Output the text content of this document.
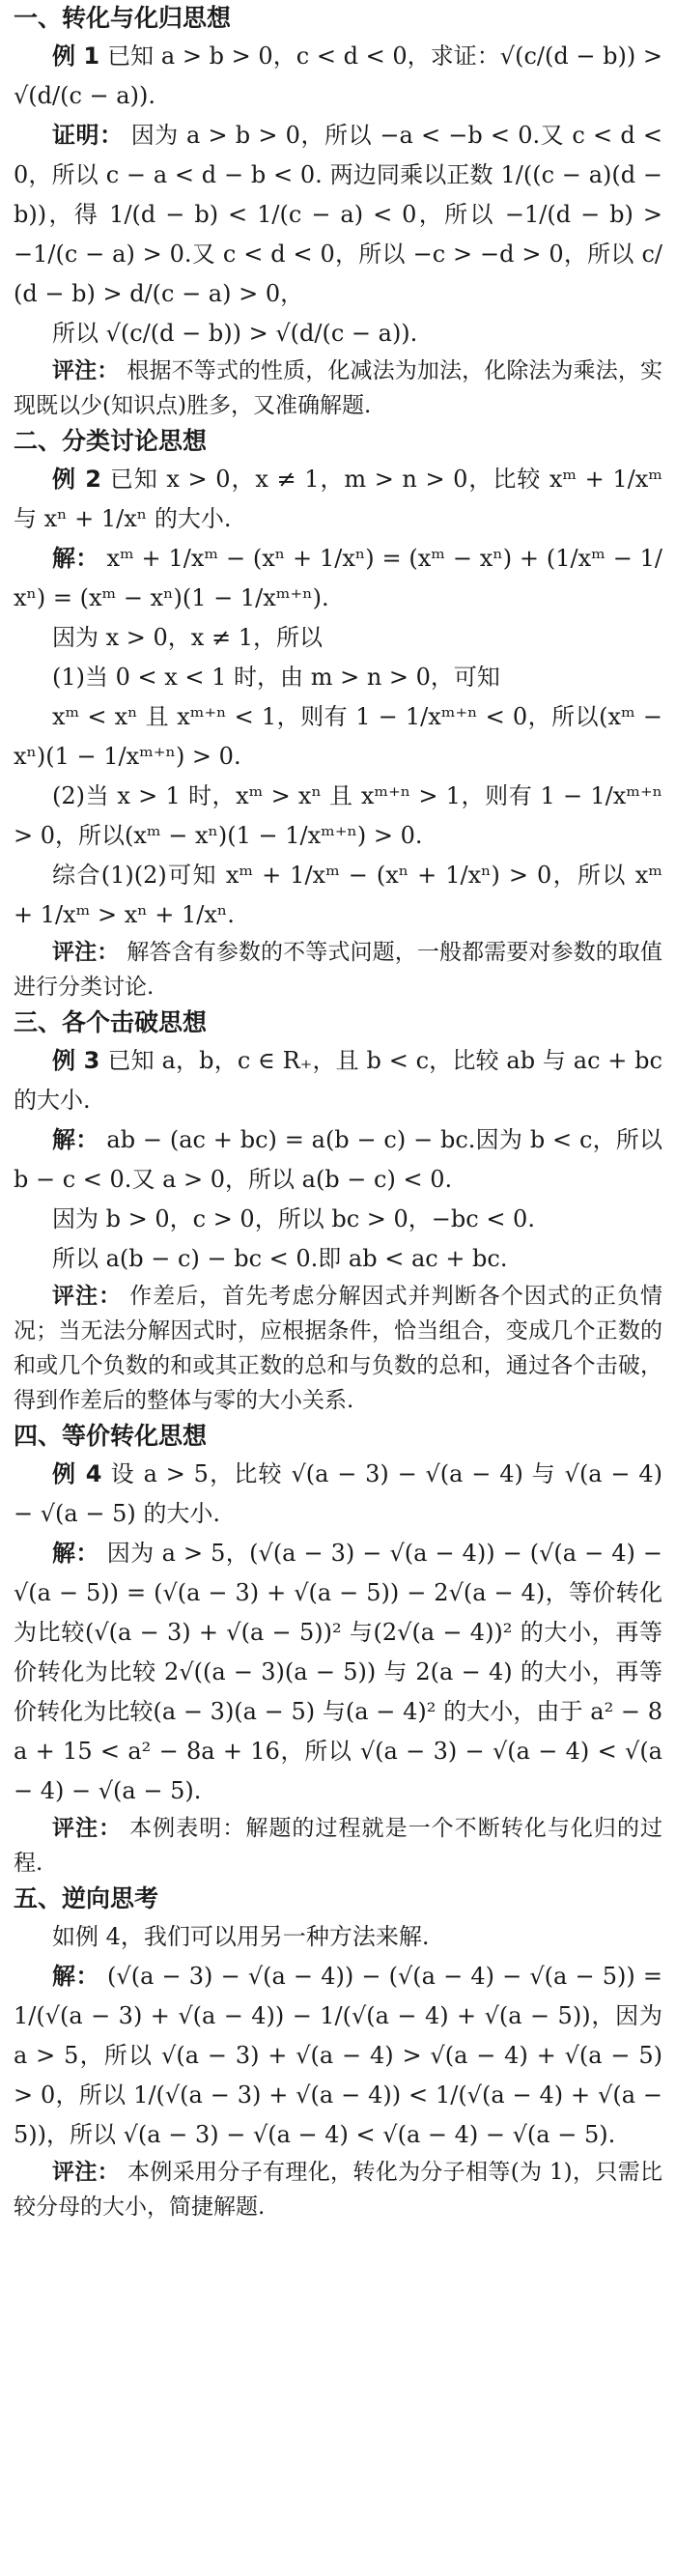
一、转化与化归思想

例 1 已知 a > b > 0，c < d < 0，求证：√(c/(d − b)) > √(d/(c − a)).

证明： 因为 a > b > 0，所以 −a < −b < 0.又 c < d < 0，所以 c − a < d − b < 0. 两边同乘以正数 1/((c − a)(d − b))，得 1/(d − b) < 1/(c − a) < 0，所以 −1/(d − b) > −1/(c − a) > 0.又 c < d < 0，所以 −c > −d > 0，所以 c/(d − b) > d/(c − a) > 0，

所以 √(c/(d − b)) > √(d/(c − a)).

评注： 根据不等式的性质，化减法为加法，化除法为乘法，实现既以少(知识点)胜多，又准确解题.

二、分类讨论思想

例 2 已知 x > 0，x ≠ 1，m > n > 0，比较 xᵐ + 1/xᵐ 与 xⁿ + 1/xⁿ 的大小.

解： xᵐ + 1/xᵐ − (xⁿ + 1/xⁿ) = (xᵐ − xⁿ) + (1/xᵐ − 1/xⁿ) = (xᵐ − xⁿ)(1 − 1/xᵐ⁺ⁿ).

因为 x > 0，x ≠ 1，所以

(1)当 0 < x < 1 时，由 m > n > 0，可知

xᵐ < xⁿ 且 xᵐ⁺ⁿ < 1，则有 1 − 1/xᵐ⁺ⁿ < 0，所以(xᵐ − xⁿ)(1 − 1/xᵐ⁺ⁿ) > 0.

(2)当 x > 1 时，xᵐ > xⁿ 且 xᵐ⁺ⁿ > 1，则有 1 − 1/xᵐ⁺ⁿ > 0，所以(xᵐ − xⁿ)(1 − 1/xᵐ⁺ⁿ) > 0.

综合(1)(2)可知 xᵐ + 1/xᵐ − (xⁿ + 1/xⁿ) > 0，所以 xᵐ + 1/xᵐ > xⁿ + 1/xⁿ.

评注： 解答含有参数的不等式问题，一般都需要对参数的取值进行分类讨论.

三、各个击破思想

例 3 已知 a，b，c ∈ R₊，且 b < c，比较 ab 与 ac + bc 的大小.

解： ab − (ac + bc) = a(b − c) − bc.因为 b < c，所以 b − c < 0.又 a > 0，所以 a(b − c) < 0.

因为 b > 0，c > 0，所以 bc > 0，−bc < 0.

所以 a(b − c) − bc < 0.即 ab < ac + bc.

评注： 作差后，首先考虑分解因式并判断各个因式的正负情况；当无法分解因式时，应根据条件，恰当组合，变成几个正数的和或几个负数的和或其正数的总和与负数的总和，通过各个击破，得到作差后的整体与零的大小关系.

四、等价转化思想

例 4 设 a > 5，比较 √(a − 3) − √(a − 4) 与 √(a − 4) − √(a − 5) 的大小.

解： 因为 a > 5，(√(a − 3) − √(a − 4)) − (√(a − 4) − √(a − 5)) = (√(a − 3) + √(a − 5)) − 2√(a − 4)，等价转化为比较(√(a − 3) + √(a − 5))² 与(2√(a − 4))² 的大小，再等价转化为比较 2√((a − 3)(a − 5)) 与 2(a − 4) 的大小，再等价转化为比较(a − 3)(a − 5) 与(a − 4)² 的大小，由于 a² − 8a + 15 < a² − 8a + 16，所以 √(a − 3) − √(a − 4) < √(a − 4) − √(a − 5).

评注： 本例表明：解题的过程就是一个不断转化与化归的过程.

五、逆向思考

如例 4，我们可以用另一种方法来解.

解： (√(a − 3) − √(a − 4)) − (√(a − 4) − √(a − 5)) = 1/(√(a − 3) + √(a − 4)) − 1/(√(a − 4) + √(a − 5))，因为 a > 5，所以 √(a − 3) + √(a − 4) > √(a − 4) + √(a − 5) > 0，所以 1/(√(a − 3) + √(a − 4)) < 1/(√(a − 4) + √(a − 5))，所以 √(a − 3) − √(a − 4) < √(a − 4) − √(a − 5).

评注： 本例采用分子有理化，转化为分子相等(为 1)，只需比较分母的大小，简捷解题.
